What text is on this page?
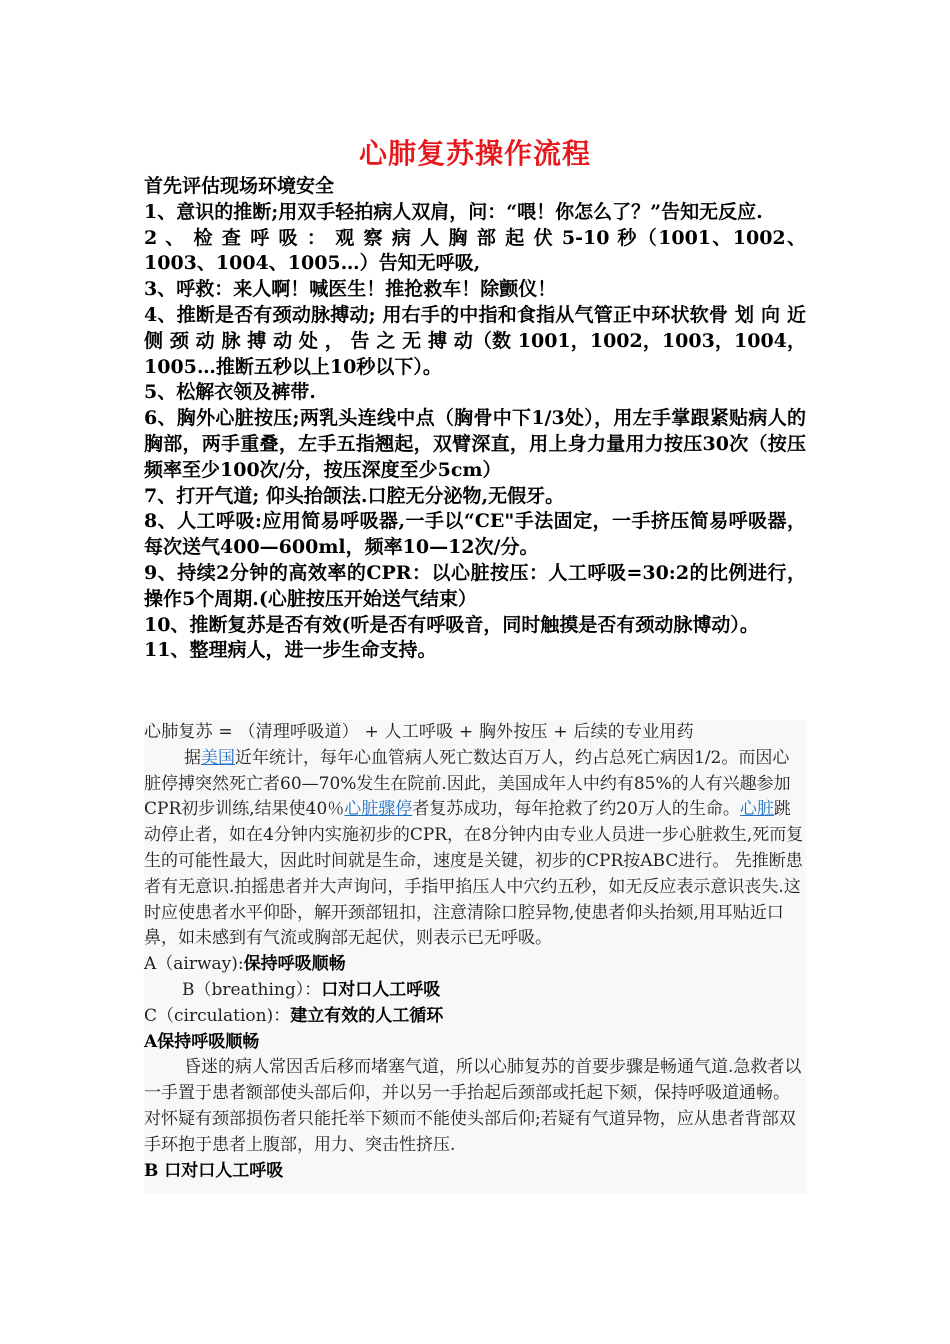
心肺复苏操作流程

首先评估现场环境安全

1、意识的推断;用双手轻拍病人双肩，问：“喂！你怎么了？”告知无反应.

2 、 检 查 呼 吸 ： 观 察 病 人 胸 部 起 伏 5-10 秒（1001、1002、1003、1004、1005…）告知无呼吸,

3、呼救：来人啊！喊医生！推抢救车！除颤仪！

4、推断是否有颈动脉搏动; 用右手的中指和食指从气管正中环状软骨 划 向 近 侧 颈 动 脉 搏 动 处 ， 告 之 无 搏 动（数 1001，1002，1003，1004，1005…推断五秒以上10秒以下）。

5、松解衣领及裤带.

6、胸外心脏按压;两乳头连线中点（胸骨中下1/3处），用左手掌跟紧贴病人的胸部，两手重叠，左手五指翘起，双臂深直，用上身力量用力按压30次（按压频率至少100次/分，按压深度至少5cm）

7、打开气道; 仰头抬颌法.口腔无分泌物,无假牙。

8、人工呼吸:应用简易呼吸器,一手以“CE"手法固定，一手挤压简易呼吸器，每次送气400—600ml，频率10—12次/分。

9、持续2分钟的高效率的CPR：以心脏按压：人工呼吸=30:2的比例进行，操作5个周期.(心脏按压开始送气结束）

10、推断复苏是否有效(听是否有呼吸音，同时触摸是否有颈动脉博动）。

11、整理病人，进一步生命支持。

心肺复苏 = （清理呼吸道） + 人工呼吸 + 胸外按压 + 后续的专业用药

据美国近年统计，每年心血管病人死亡数达百万人，约占总死亡病因1/2。而因心脏停搏突然死亡者60—70%发生在院前.因此，美国成年人中约有85%的人有兴趣参加CPR初步训练,结果使40％心脏骤停者复苏成功，每年抢救了约20万人的生命。心脏跳动停止者，如在4分钟内实施初步的CPR，在8分钟内由专业人员进一步心脏救生,死而复生的可能性最大，因此时间就是生命，速度是关键，初步的CPR按ABC进行。 先推断患者有无意识.拍摇患者并大声询问，手指甲掐压人中穴约五秒，如无反应表示意识丧失.这时应使患者水平仰卧，解开颈部钮扣，注意清除口腔异物,使患者仰头抬颏,用耳贴近口鼻，如未感到有气流或胸部无起伏，则表示已无呼吸。

A（airway):保持呼吸顺畅

B（breathing）：口对口人工呼吸

C（circulation)：建立有效的人工循环

A保持呼吸顺畅

昏迷的病人常因舌后移而堵塞气道，所以心肺复苏的首要步骤是畅通气道.急救者以一手置于患者额部使头部后仰，并以另一手抬起后颈部或托起下颏，保持呼吸道通畅。对怀疑有颈部损伤者只能托举下颏而不能使头部后仰;若疑有气道异物，应从患者背部双手环抱于患者上腹部，用力、突击性挤压.

B 口对口人工呼吸
